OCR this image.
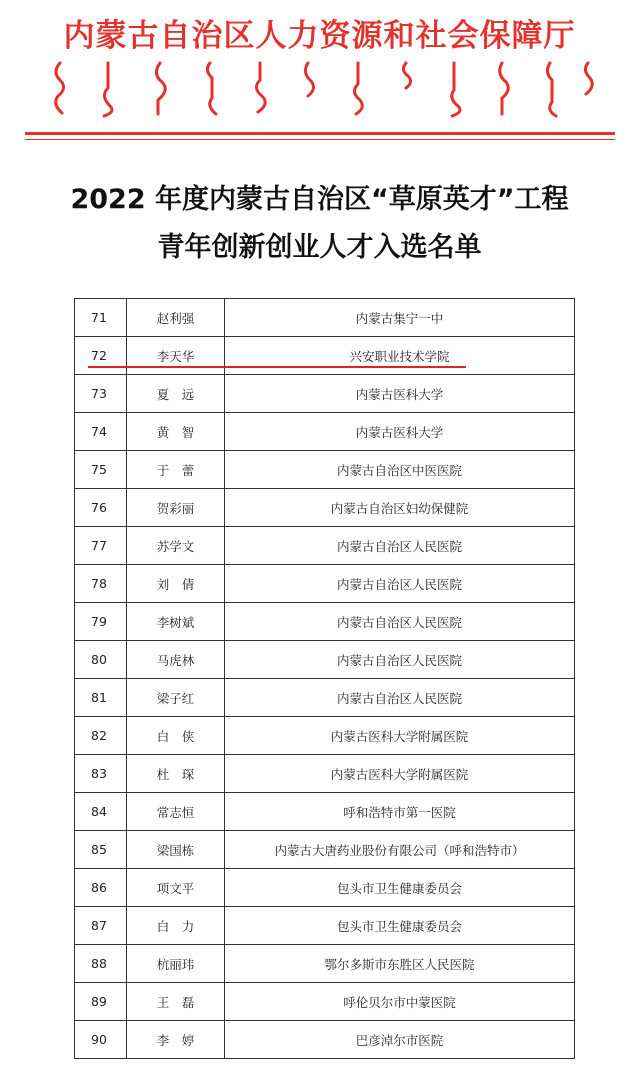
内蒙古自治区人力资源和社会保障厅
2022 年度内蒙古自治区“草原英才”工程
青年创新创业人才入选名单
71	赵利强	内蒙古集宁一中
72	李天华	兴安职业技术学院
73	夏　远	内蒙古医科大学
74	黄　智	内蒙古医科大学
75	于　蕾	内蒙古自治区中医医院
76	贺彩丽	内蒙古自治区妇幼保健院
77	苏学文	内蒙古自治区人民医院
78	刘　倩	内蒙古自治区人民医院
79	李树斌	内蒙古自治区人民医院
80	马虎林	内蒙古自治区人民医院
81	梁子红	内蒙古自治区人民医院
82	白　侠	内蒙古医科大学附属医院
83	杜　琛	内蒙古医科大学附属医院
84	常志恒	呼和浩特市第一医院
85	梁国栋	内蒙古大唐药业股份有限公司（呼和浩特市）
86	项文平	包头市卫生健康委员会
87	白　力	包头市卫生健康委员会
88	杭丽玮	鄂尔多斯市东胜区人民医院
89	王　磊	呼伦贝尔市中蒙医院
90	李　婷	巴彦淖尔市医院
